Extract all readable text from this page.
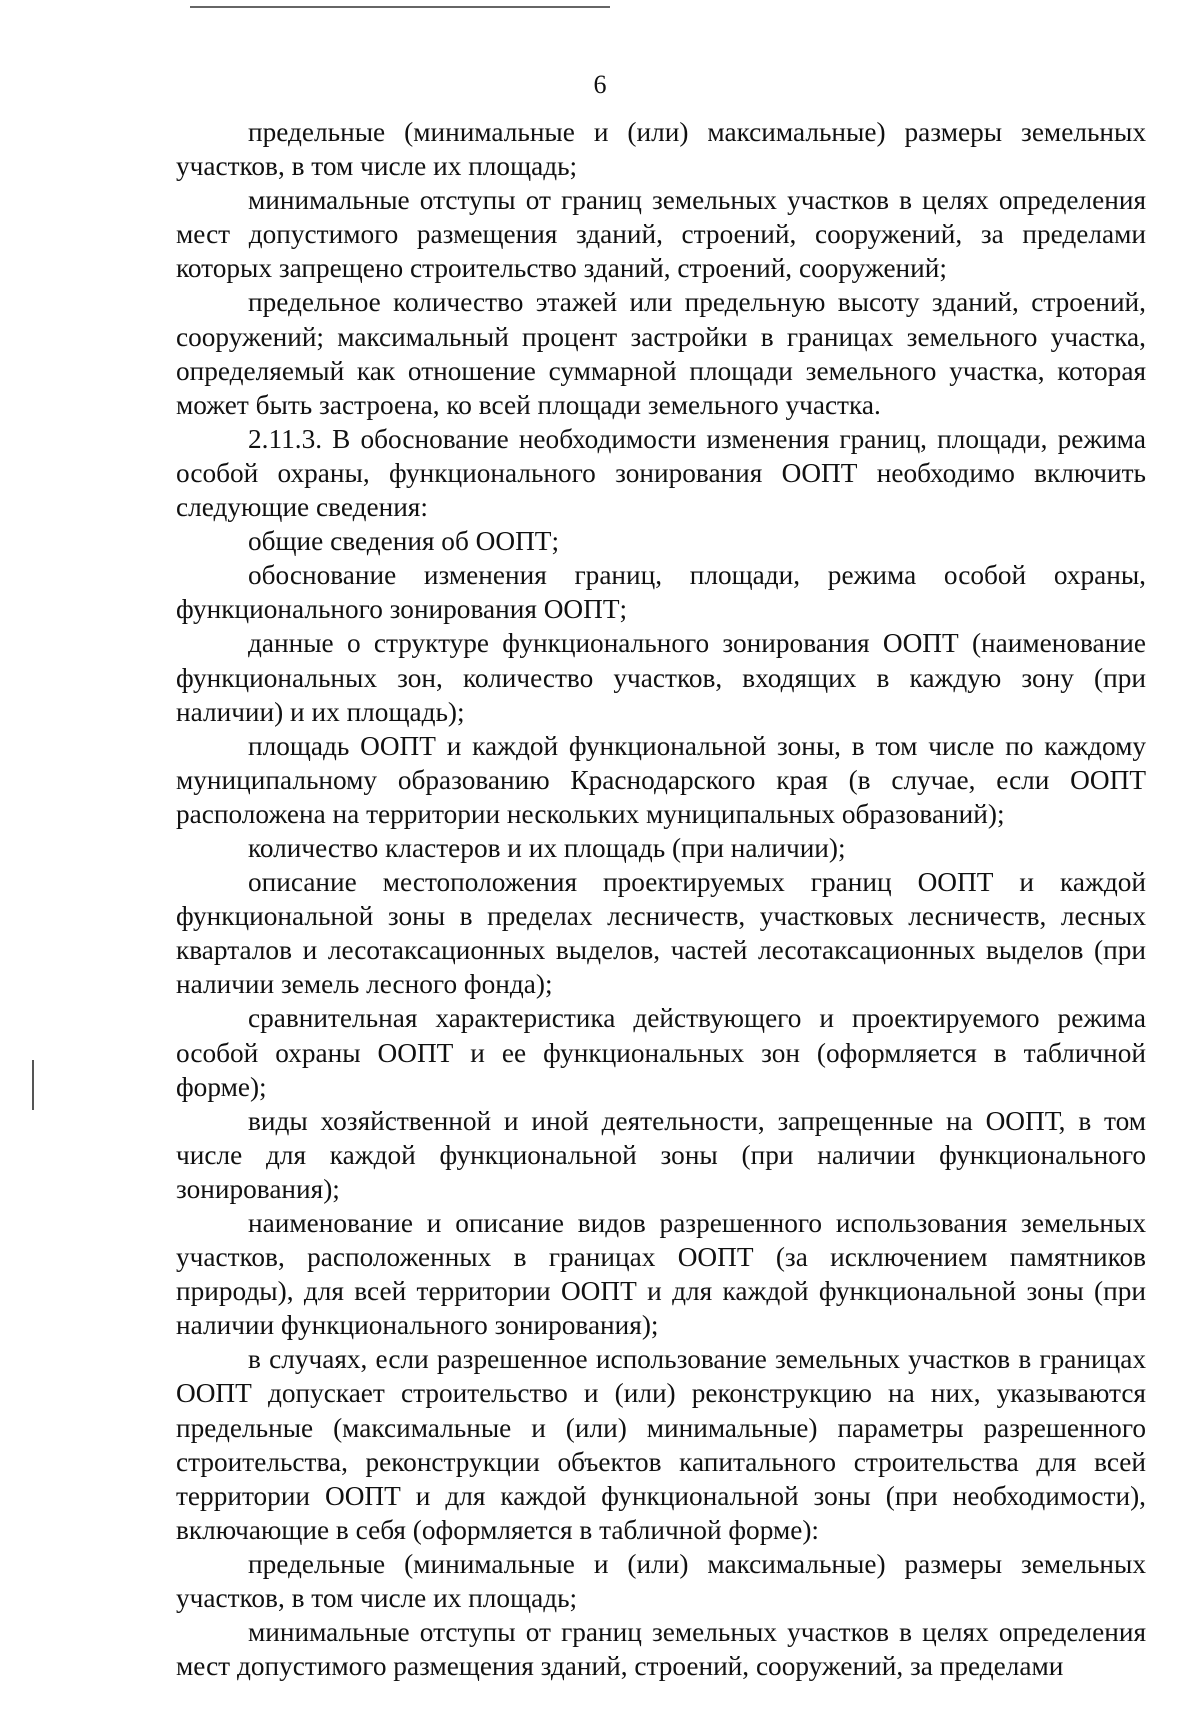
6

предельные (минимальные и (или) максимальные) размеры земельных участков, в том числе их площадь;

минимальные отступы от границ земельных участков в целях определения мест допустимого размещения зданий, строений, сооружений, за пределами которых запрещено строительство зданий, строений, сооружений;

предельное количество этажей или предельную высоту зданий, строений, сооружений; максимальный процент застройки в границах земельного участка, определяемый как отношение суммарной площади земельного участка, которая может быть застроена, ко всей площади земельного участка.

2.11.3. В обоснование необходимости изменения границ, площади, режима особой охраны, функционального зонирования ООПТ необходимо включить следующие сведения:

общие сведения об ООПТ;

обоснование изменения границ, площади, режима особой охраны, функционального зонирования ООПТ;

данные о структуре функционального зонирования ООПТ (наименование функциональных зон, количество участков, входящих в каждую зону (при наличии) и их площадь);

площадь ООПТ и каждой функциональной зоны, в том числе по каждому муниципальному образованию Краснодарского края (в случае, если ООПТ расположена на территории нескольких муниципальных образований);

количество кластеров и их площадь (при наличии);

описание местоположения проектируемых границ ООПТ и каждой функциональной зоны в пределах лесничеств, участковых лесничеств, лесных кварталов и лесотаксационных выделов, частей лесотаксационных выделов (при наличии земель лесного фонда);

сравнительная характеристика действующего и проектируемого режима особой охраны ООПТ и ее функциональных зон (оформляется в табличной форме);

виды хозяйственной и иной деятельности, запрещенные на ООПТ, в том числе для каждой функциональной зоны (при наличии функционального зонирования);

наименование и описание видов разрешенного использования земельных участков, расположенных в границах ООПТ (за исключением памятников природы), для всей территории ООПТ и для каждой функциональной зоны (при наличии функционального зонирования);

в случаях, если разрешенное использование земельных участков в границах ООПТ допускает строительство и (или) реконструкцию на них, указываются предельные (максимальные и (или) минимальные) параметры разрешенного строительства, реконструкции объектов капитального строительства для всей территории ООПТ и для каждой функциональной зоны (при необходимости), включающие в себя (оформляется в табличной форме):

предельные (минимальные и (или) максимальные) размеры земельных участков, в том числе их площадь;

минимальные отступы от границ земельных участков в целях определения мест допустимого размещения зданий, строений, сооружений, за пределами
